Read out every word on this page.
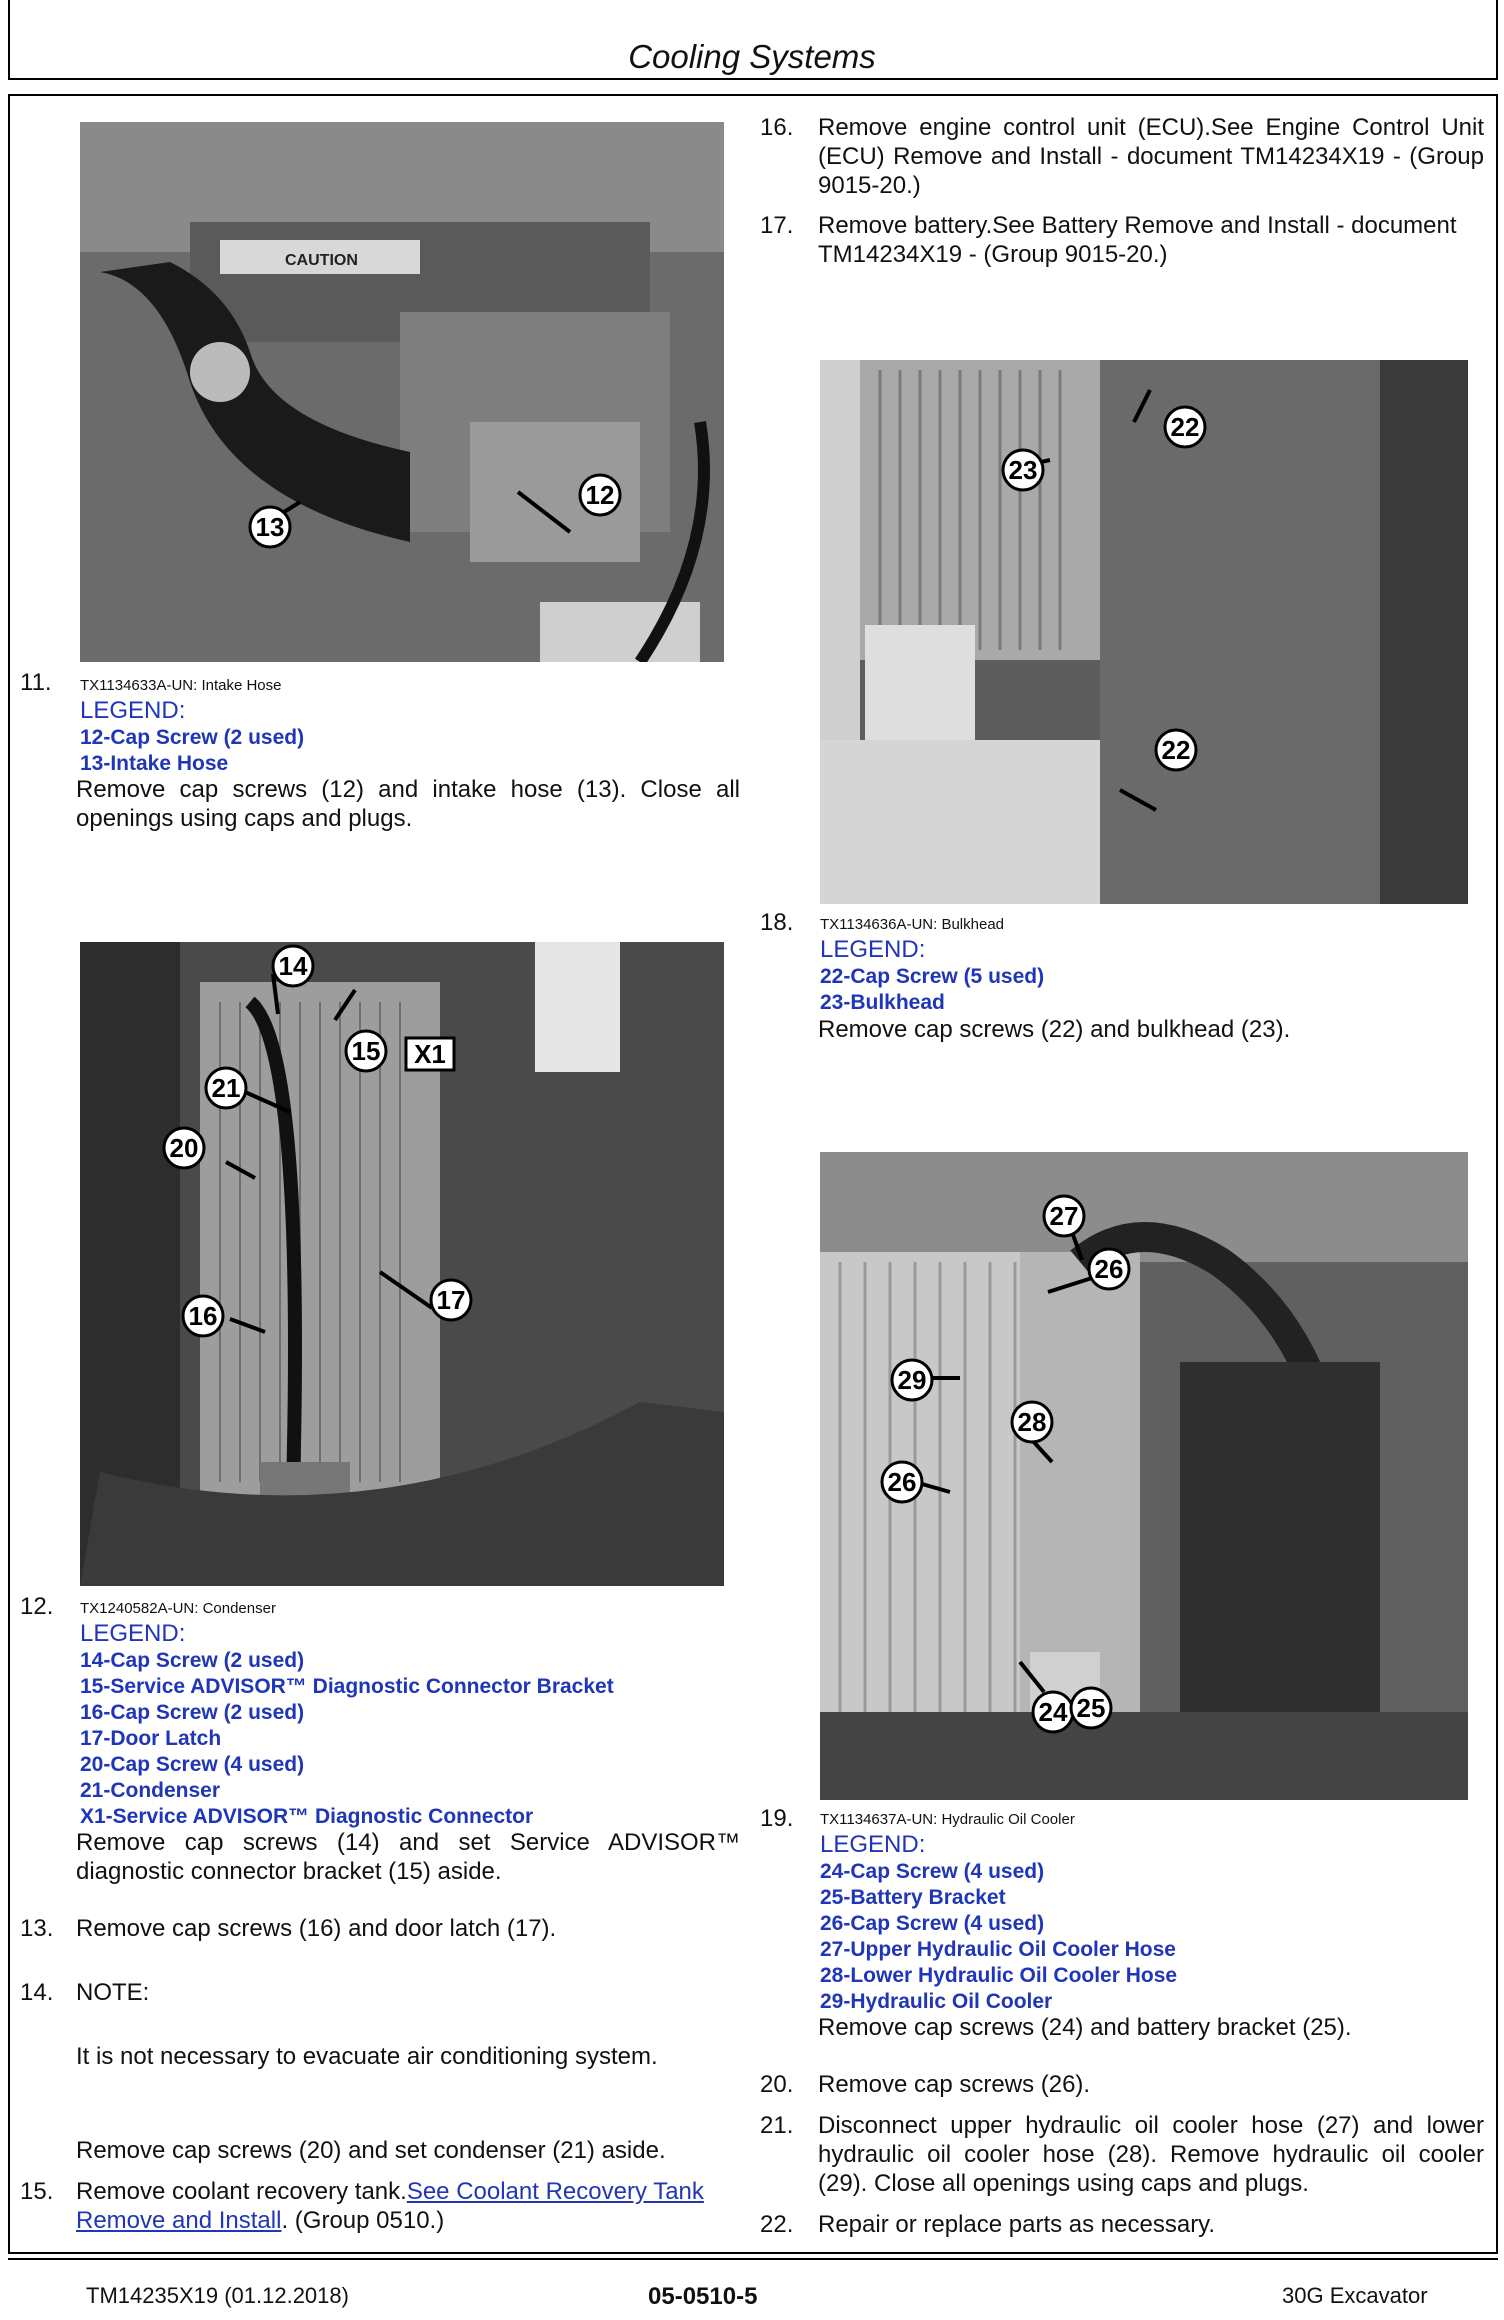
Cooling Systems
CAUTION
12
13
11.	TX1134633A-UN: Intake Hose
LEGEND:
12-Cap Screw (2 used)
13-Intake Hose
Remove cap screws (12) and intake hose (13). Close all openings using caps and plugs.
14
15 X1
21
20
16
17
12.	TX1240582A-UN: Condenser
LEGEND:
14-Cap Screw (2 used)
15-Service ADVISOR™ Diagnostic Connector Bracket
16-Cap Screw (2 used)
17-Door Latch
20-Cap Screw (4 used)
21-Condenser
X1-Service ADVISOR™ Diagnostic Connector
Remove cap screws (14) and set Service ADVISOR™ diagnostic connector bracket (15) aside.
13. Remove cap screws (16) and door latch (17).
14. NOTE:
It is not necessary to evacuate air conditioning system.
Remove cap screws (20) and set condenser (21) aside.
15. Remove coolant recovery tank.See Coolant Recovery Tank Remove and Install. (Group 0510.)
16. Remove engine control unit (ECU).See Engine Control Unit (ECU) Remove and Install - document TM14234X19 - (Group 9015-20.)
17. Remove battery.See Battery Remove and Install - document TM14234X19 - (Group 9015-20.)
22
23
22
18. TX1134636A-UN: Bulkhead
LEGEND:
22-Cap Screw (5 used)
23-Bulkhead
Remove cap screws (22) and bulkhead (23).
27
26
29
28
26
24 25
19. TX1134637A-UN: Hydraulic Oil Cooler
LEGEND:
24-Cap Screw (4 used)
25-Battery Bracket
26-Cap Screw (4 used)
27-Upper Hydraulic Oil Cooler Hose
28-Lower Hydraulic Oil Cooler Hose
29-Hydraulic Oil Cooler
Remove cap screws (24) and battery bracket (25).
20. Remove cap screws (26).
21. Disconnect upper hydraulic oil cooler hose (27) and lower hydraulic oil cooler hose (28). Remove hydraulic oil cooler (29). Close all openings using caps and plugs.
22. Repair or replace parts as necessary.
TM14235X19 (01.12.2018)	05-0510-5	30G Excavator
